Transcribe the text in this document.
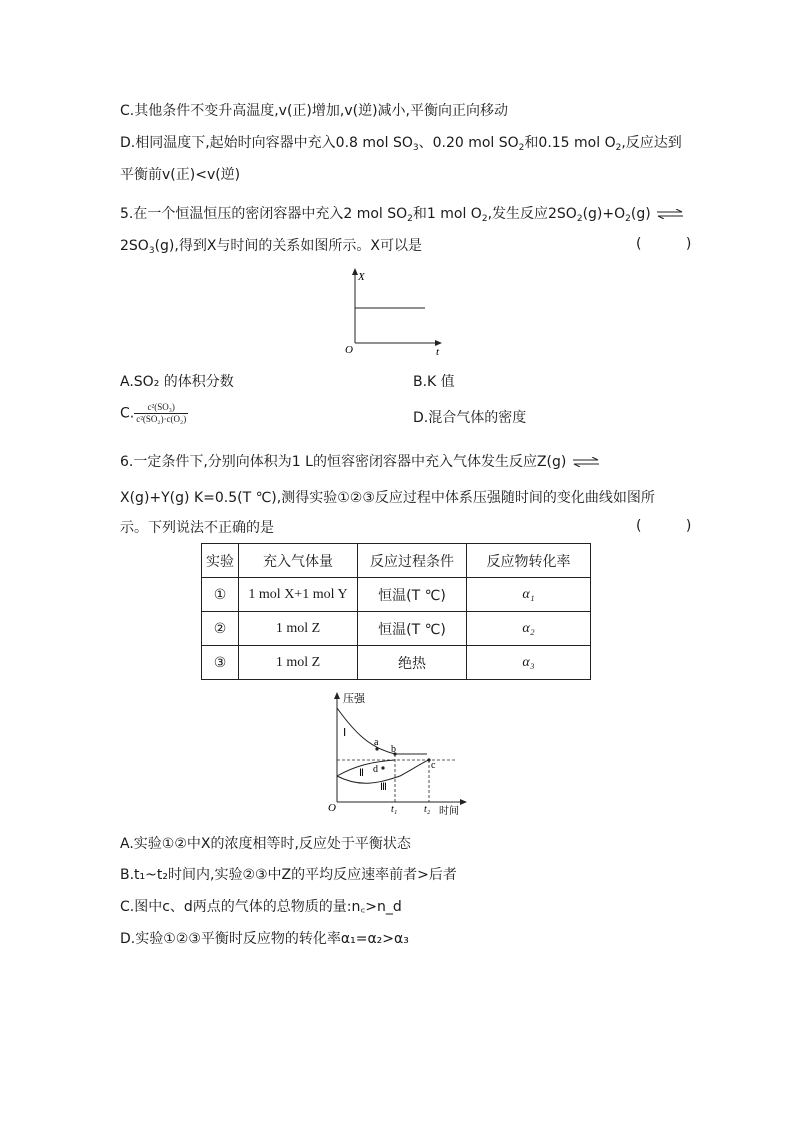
C.其他条件不变升高温度,v(正)增加,v(逆)减小,平衡向正向移动
D.相同温度下,起始时向容器中充入0.8 mol $SO_3$、0.20 mol $SO_2$和0.15 mol $O_2$,反应达到
平衡前v(正)<v(逆)
5.在一个恒温恒压的密闭容器中充入2 mol $SO_2$和1 mol $O_2$,发生反应$2SO_2(g)+O_2(g)$ ⇌
$2SO_3(g)$,得到X与时间的关系如图所示。X可以是	( )
X
t
O
A.SO₂ 的体积分数	B.K 值
C. $\frac{\text{c²(SO₃)}}{\text{c²(SO₂)·c(O₂)}}$	D.混合气体的密度
6.一定条件下,分别向体积为1 L的恒容密闭容器中充入气体发生反应Z(g) ⇌
X(g)+Y(g) K=0.5(T ℃),测得实验①②③反应过程中体系压强随时间的变化曲线如图所
示。下列说法不正确的是	( )
实验	充入气体量	反应过程条件	反应物转化率
①	1 mol X+1 mol Y	恒温(T ℃)	α₁
②	1 mol Z	恒温(T ℃)	α₂
③	1 mol Z	绝热	α₃
压强
时间
O
Ⅰ
Ⅱ
Ⅲ
a
b
c
d
t₁	t₂
A.实验①②中X的浓度相等时,反应处于平衡状态
B.t₁~t₂时间内,实验②③中Z的平均反应速率前者>后者
C.图中c、d两点的气体的总物质的量:n꜀>n_d
D.实验①②③平衡时反应物的转化率α₁=α₂>α₃
